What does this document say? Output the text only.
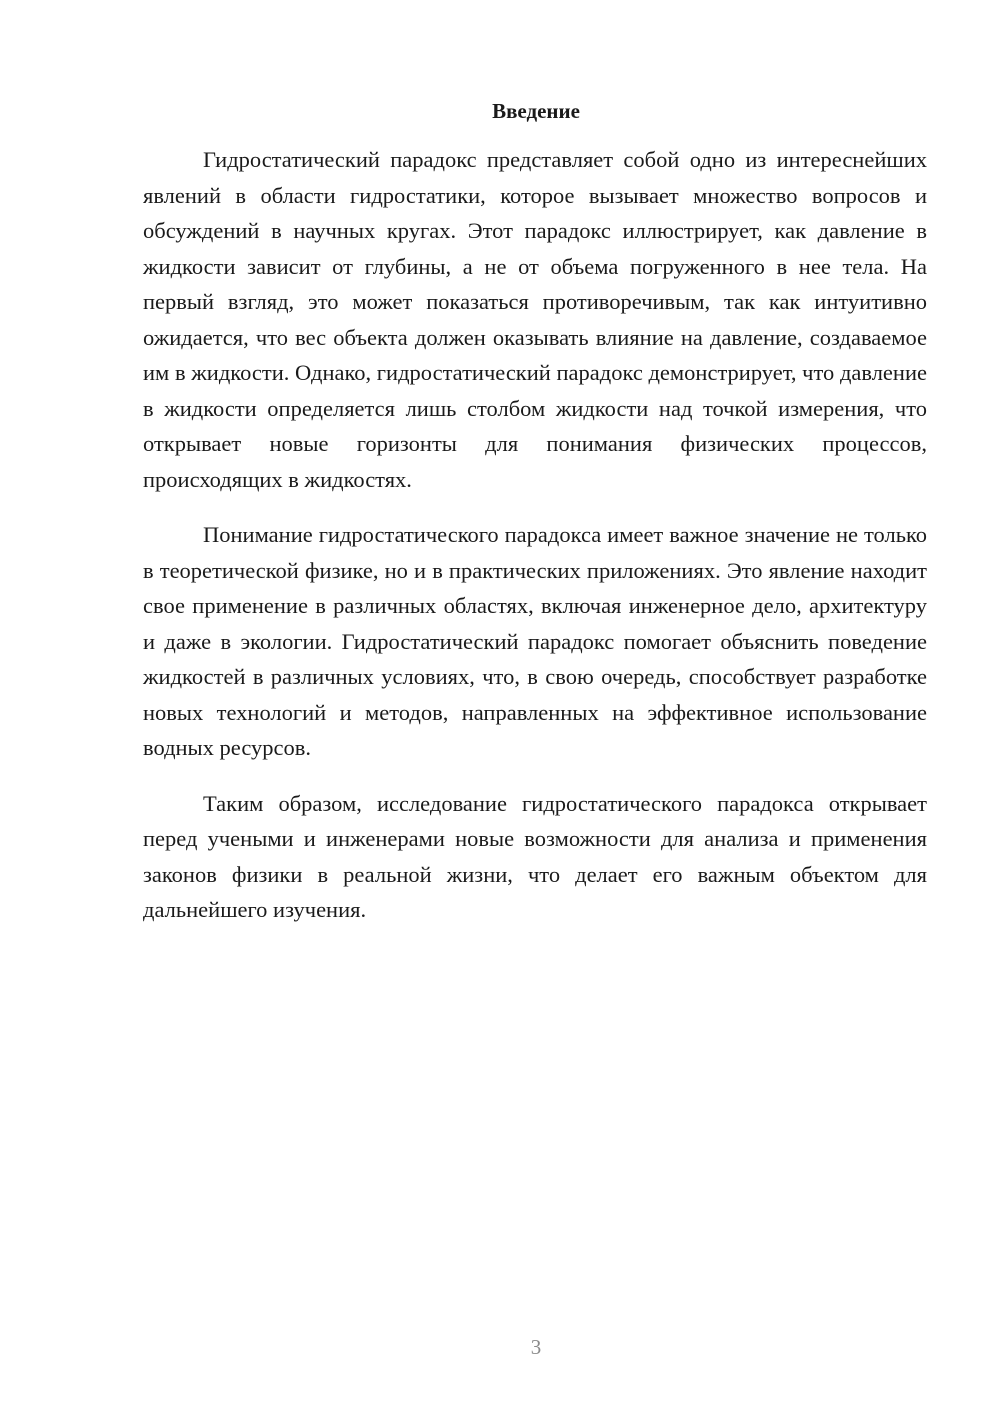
Введение

Гидростатический парадокс представляет собой одно из интереснейших явлений в области гидростатики, которое вызывает множество вопросов и обсуждений в научных кругах. Этот парадокс иллюстрирует, как давление в жидкости зависит от глубины, а не от объема погруженного в нее тела. На первый взгляд, это может показаться противоречивым, так как интуитивно ожидается, что вес объекта должен оказывать влияние на давление, создаваемое им в жидкости. Однако, гидростатический парадокс демонстрирует, что давление в жидкости определяется лишь столбом жидкости над точкой измерения, что открывает новые горизонты для понимания физических процессов, происходящих в жидкостях.

Понимание гидростатического парадокса имеет важное значение не только в теоретической физике, но и в практических приложениях. Это явление находит свое применение в различных областях, включая инженерное дело, архитектуру и даже в экологии. Гидростатический парадокс помогает объяснить поведение жидкостей в различных условиях, что, в свою очередь, способствует разработке новых технологий и методов, направленных на эффективное использование водных ресурсов.

Таким образом, исследование гидростатического парадокса открывает перед учеными и инженерами новые возможности для анализа и применения законов физики в реальной жизни, что делает его важным объектом для дальнейшего изучения.

3
